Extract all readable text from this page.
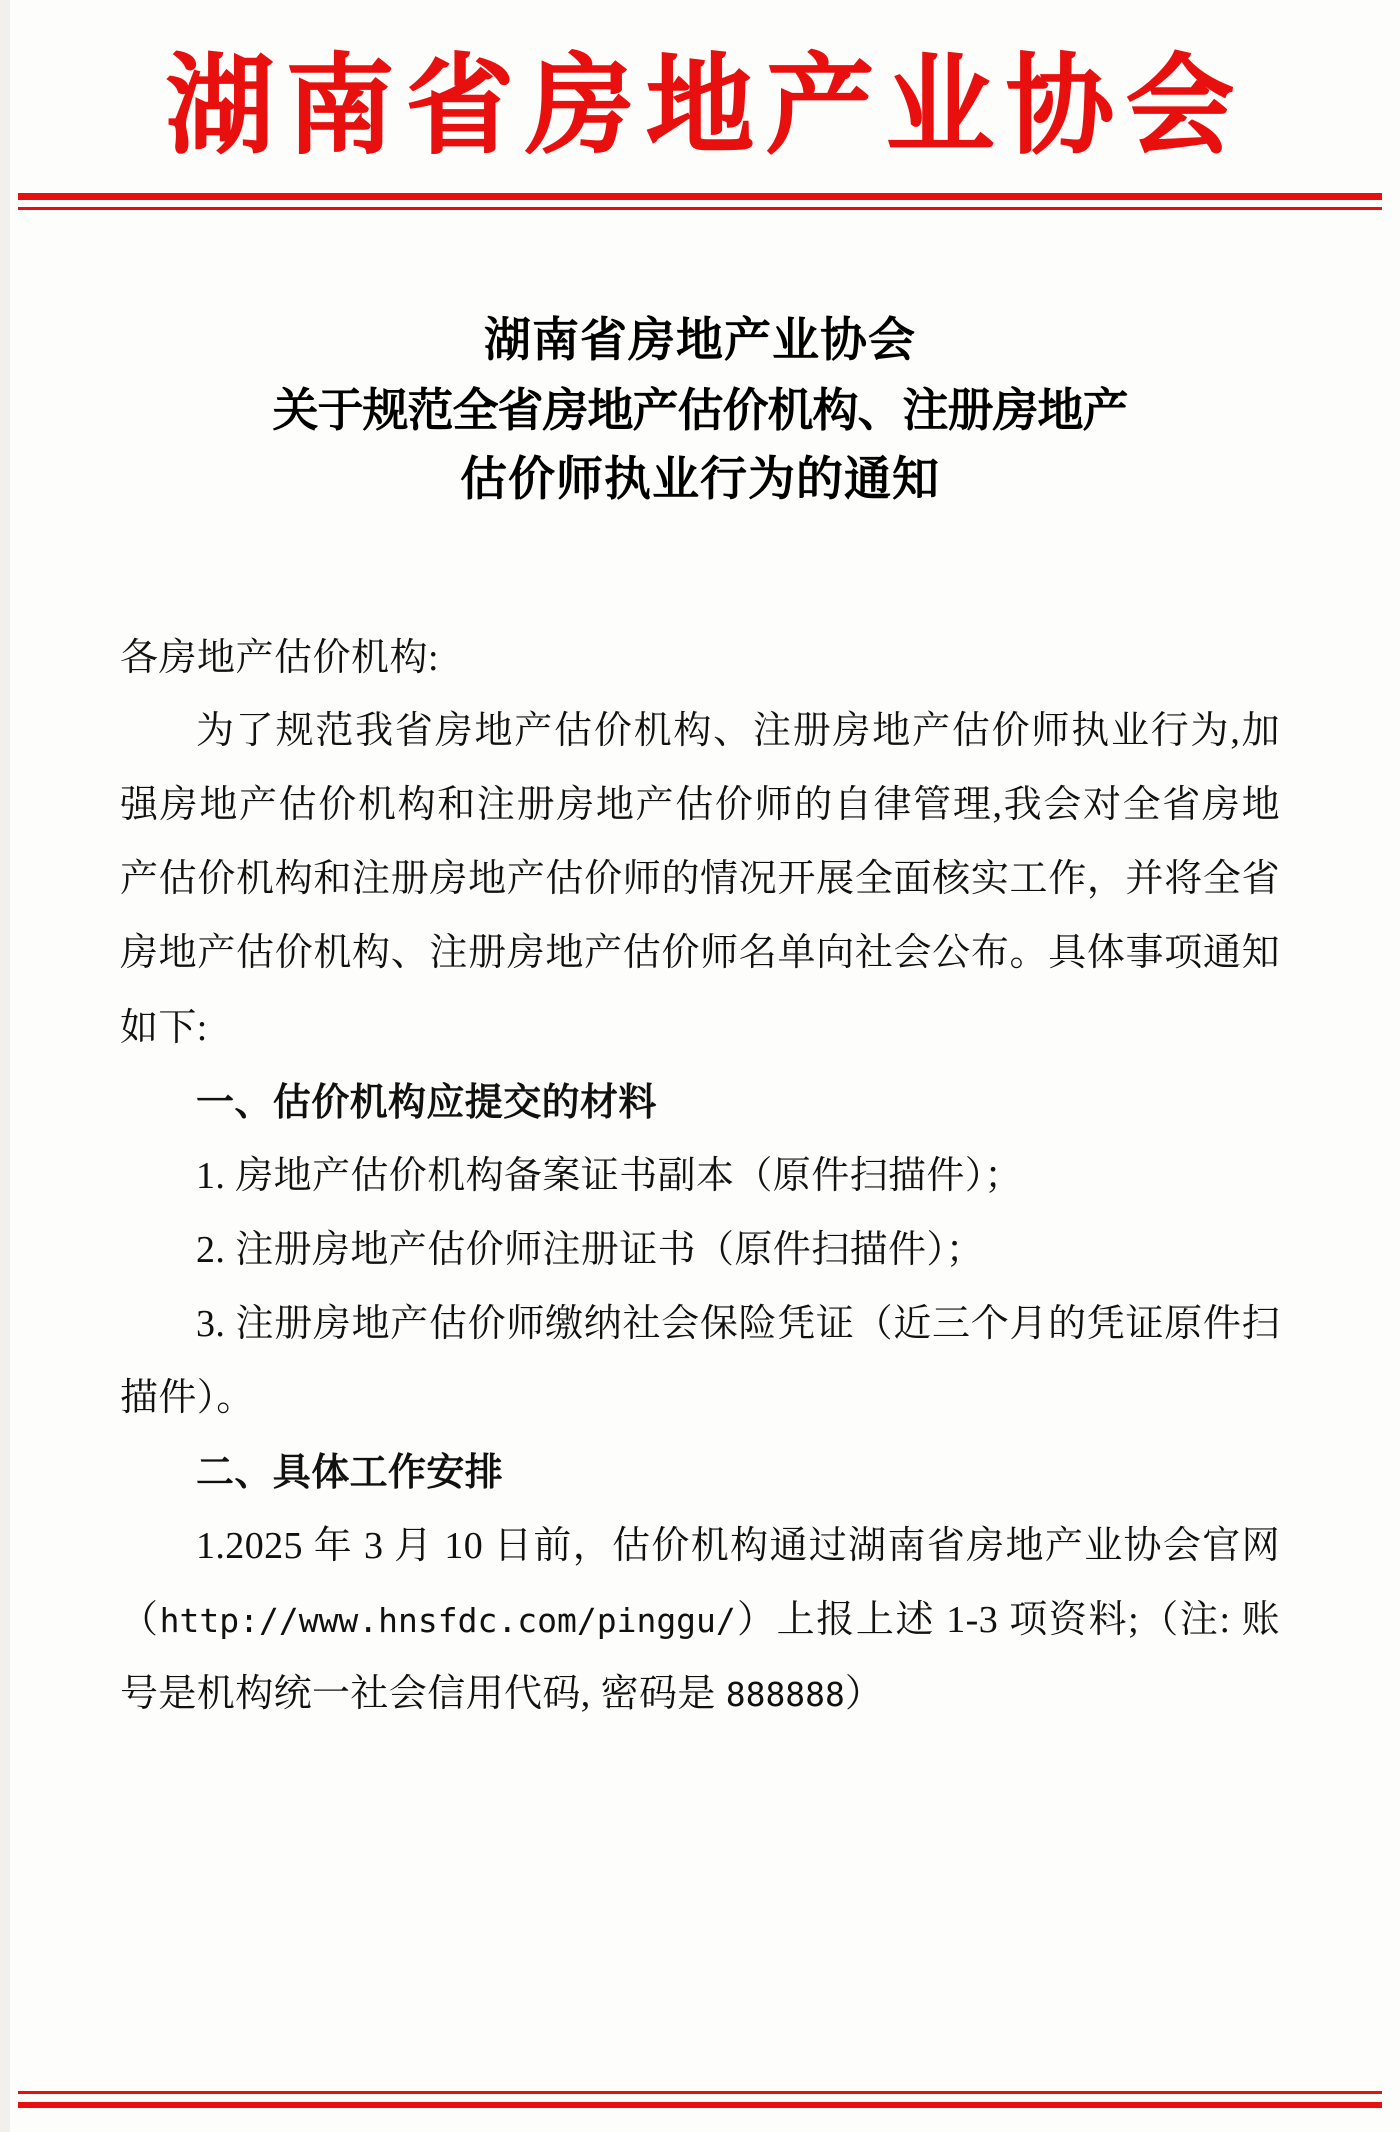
湖南省房地产业协会
湖南省房地产业协会
关于规范全省房地产估价机构、注册房地产
估价师执业行为的通知
各房地产估价机构:

为了规范我省房地产估价机构、注册房地产估价师执业行为,加强房地产估价机构和注册房地产估价师的自律管理,我会对全省房地产估价机构和注册房地产估价师的情况开展全面核实工作，并将全省房地产估价机构、注册房地产估价师名单向社会公布。具体事项通知如下:

一、估价机构应提交的材料

1. 房地产估价机构备案证书副本（原件扫描件）；

2. 注册房地产估价师注册证书（原件扫描件）；

3. 注册房地产估价师缴纳社会保险凭证（近三个月的凭证原件扫描件）。

二、具体工作安排

1.2025 年 3 月 10 日前，估价机构通过湖南省房地产业协会官网（http://www.hnsfdc.com/pinggu/）上报上述 1-3 项资料;（注: 账号是机构统一社会信用代码, 密码是 888888）
